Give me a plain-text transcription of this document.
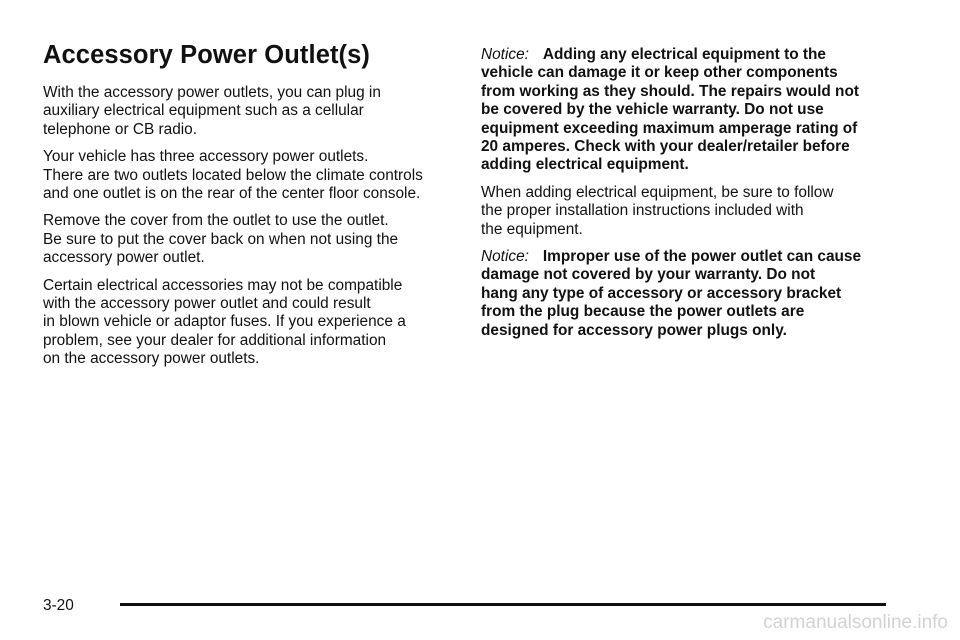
Accessory Power Outlet(s)

With the accessory power outlets, you can plug in
auxiliary electrical equipment such as a cellular
telephone or CB radio.

Your vehicle has three accessory power outlets.
There are two outlets located below the climate controls
and one outlet is on the rear of the center floor console.

Remove the cover from the outlet to use the outlet.
Be sure to put the cover back on when not using the
accessory power outlet.

Certain electrical accessories may not be compatible
with the accessory power outlet and could result
in blown vehicle or adaptor fuses. If you experience a
problem, see your dealer for additional information
on the accessory power outlets.

Notice: Adding any electrical equipment to the
vehicle can damage it or keep other components
from working as they should. The repairs would not
be covered by the vehicle warranty. Do not use
equipment exceeding maximum amperage rating of
20 amperes. Check with your dealer/retailer before
adding electrical equipment.

When adding electrical equipment, be sure to follow
the proper installation instructions included with
the equipment.

Notice: Improper use of the power outlet can cause
damage not covered by your warranty. Do not
hang any type of accessory or accessory bracket
from the plug because the power outlets are
designed for accessory power plugs only.

3-20
carmanualsonline.info
